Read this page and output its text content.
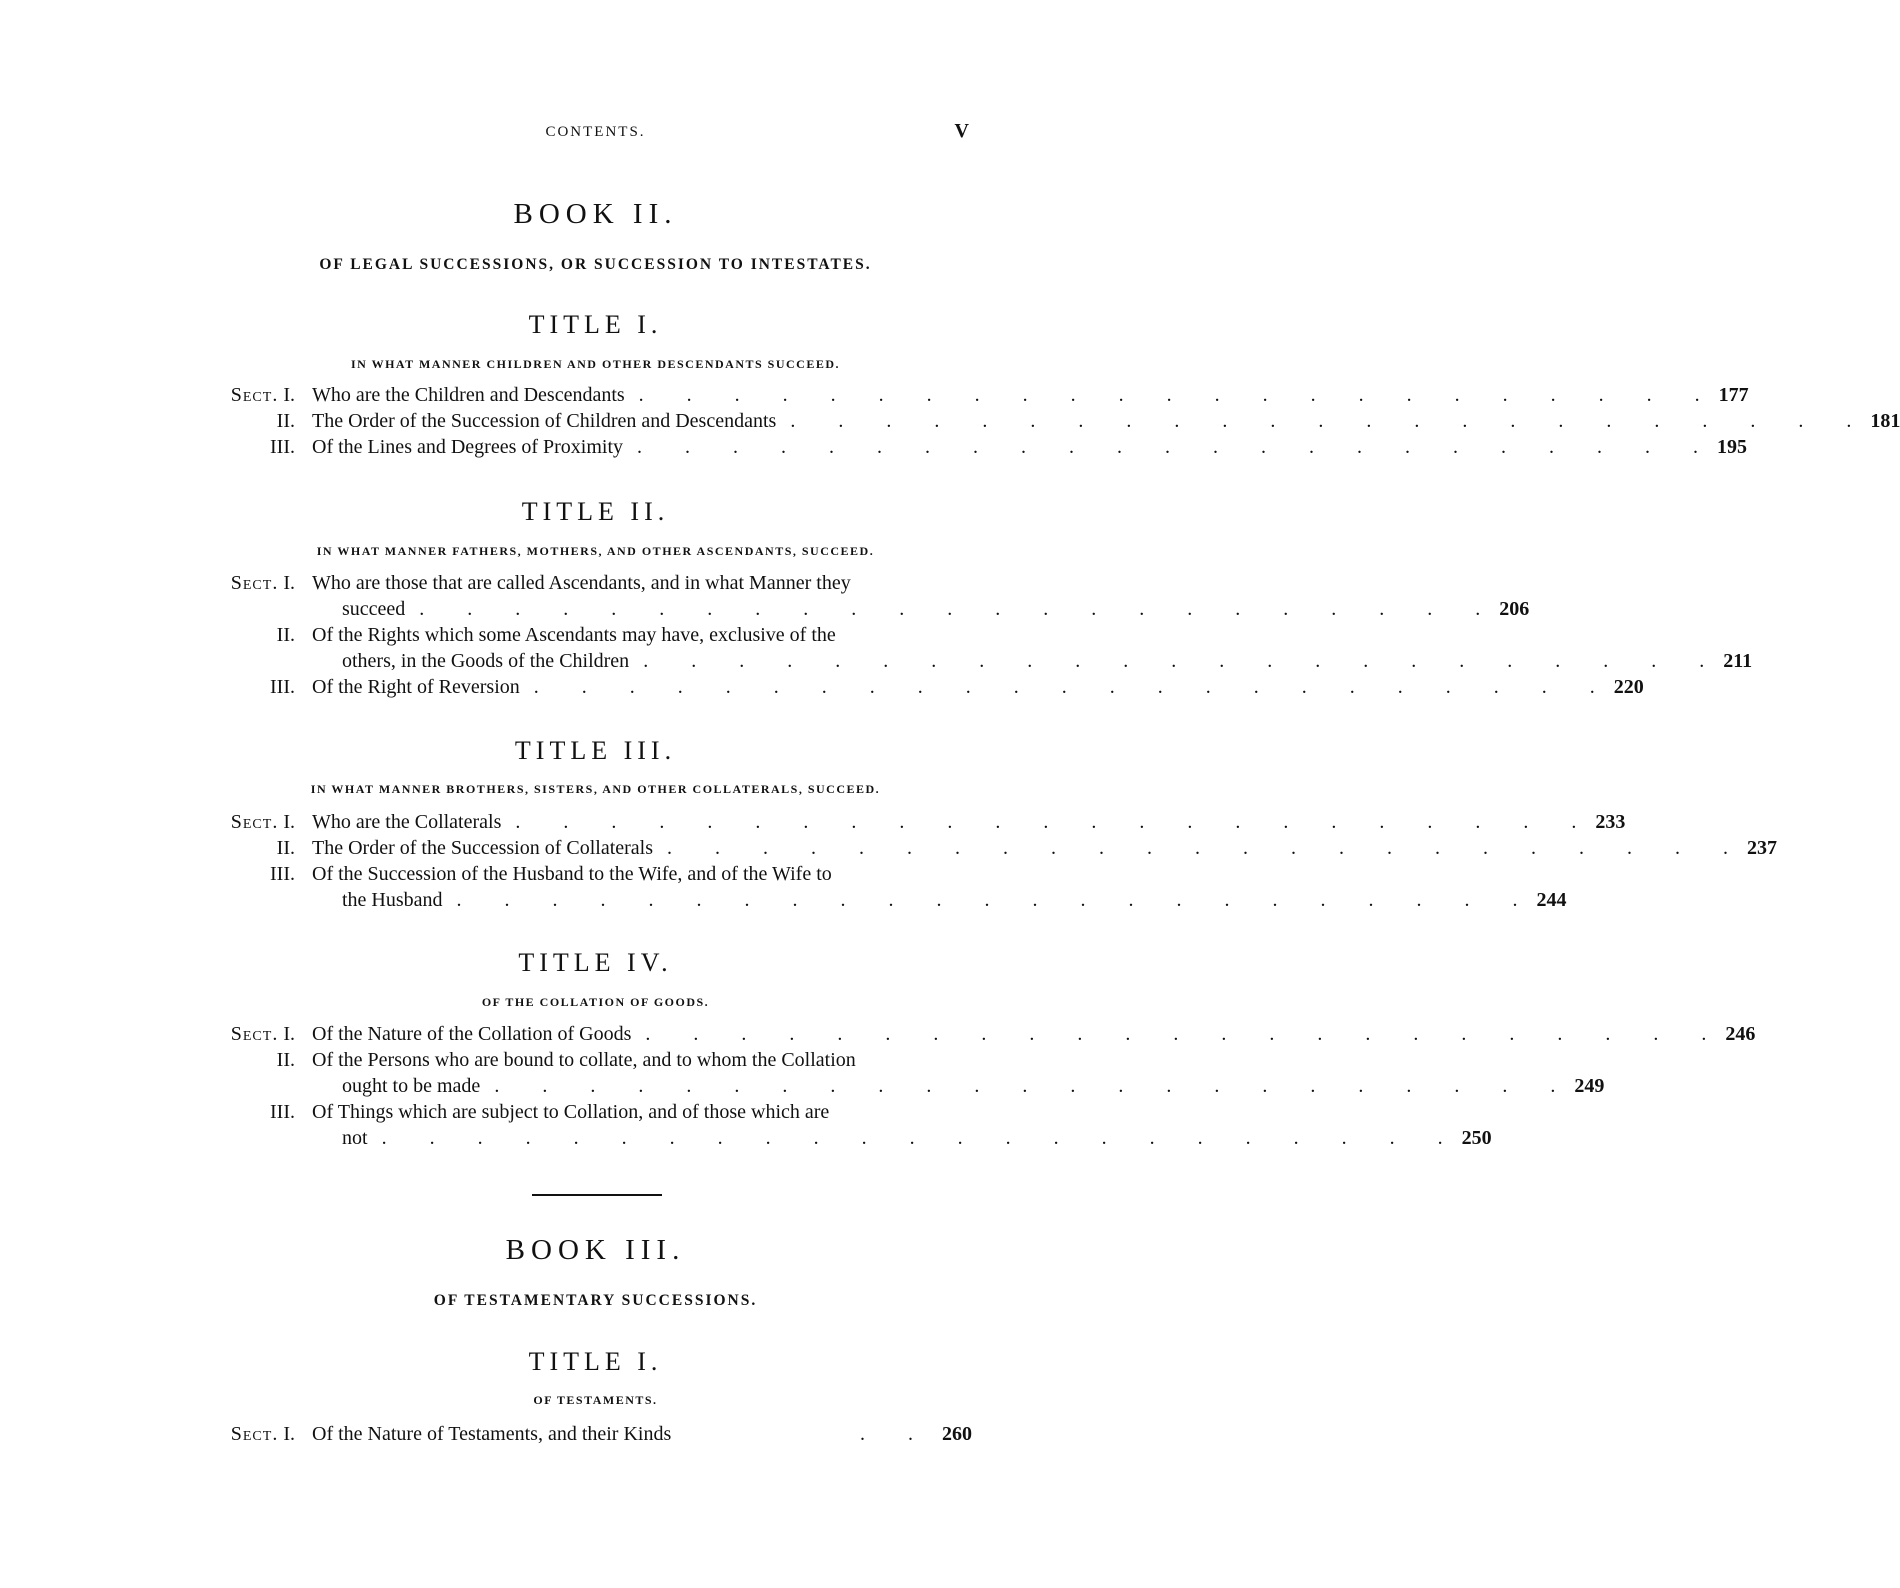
CONTENTS.	V
BOOK II.
OF LEGAL SUCCESSIONS, OR SUCCESSION TO INTESTATES.
TITLE I.
IN WHAT MANNER CHILDREN AND OTHER DESCENDANTS SUCCEED.
Sect. I. Who are the Children and Descendants . . . . . . . . . . . . . . . . . . . . . . . 177
II. The Order of the Succession of Children and Descendants . . . . . . . . . . . . . . . . . . . . . . . 181
III. Of the Lines and Degrees of Proximity . . . . . . . . . . . . . . . . . . . . . . . 195
TITLE II.
IN WHAT MANNER FATHERS, MOTHERS, AND OTHER ASCENDANTS, SUCCEED.
Sect. I. Who are those that are called Ascendants, and in what Manner they
succeed . . . . . . . . . . . . . . . . . . . . . . . 206
II. Of the Rights which some Ascendants may have, exclusive of the
others, in the Goods of the Children . . . . . . . . . . . . . . . . . . . . . . . 211
III. Of the Right of Reversion . . . . . . . . . . . . . . . . . . . . . . . 220
TITLE III.
IN WHAT MANNER BROTHERS, SISTERS, AND OTHER COLLATERALS, SUCCEED.
Sect. I. Who are the Collaterals . . . . . . . . . . . . . . . . . . . . . . . 233
II. The Order of the Succession of Collaterals . . . . . . . . . . . . . . . . . . . . . . . 237
III. Of the Succession of the Husband to the Wife, and of the Wife to
the Husband . . . . . . . . . . . . . . . . . . . . . . . 244
TITLE IV.
OF THE COLLATION OF GOODS.
Sect. I. Of the Nature of the Collation of Goods . . . . . . . . . . . . . . . . . . . . . . . 246
II. Of the Persons who are bound to collate, and to whom the Collation
ought to be made . . . . . . . . . . . . . . . . . . . . . . . 249
III. Of Things which are subject to Collation, and of those which are
not . . . . . . . . . . . . . . . . . . . . . . . 250
BOOK III.
OF TESTAMENTARY SUCCESSIONS.
TITLE I.
OF TESTAMENTS.
Sect. I. Of the Nature of Testaments, and their Kinds	. . 260
